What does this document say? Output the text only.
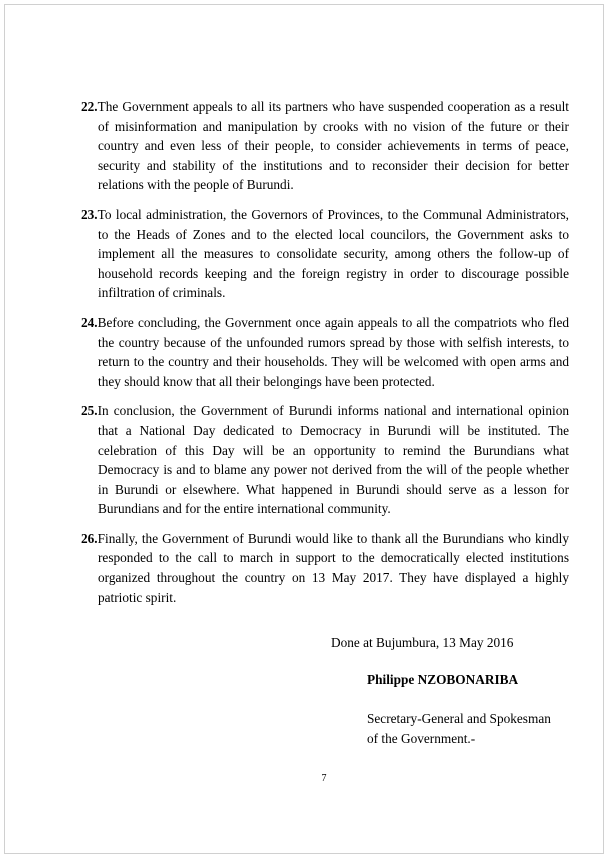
22.The Government appeals to all its partners who have suspended cooperation as a result of misinformation and manipulation by crooks with no vision of the future or their country and even less of their people, to consider achievements in terms of peace, security and stability of the institutions and to reconsider their decision for better relations with the people of Burundi.

23.To local administration, the Governors of Provinces, to the Communal Administrators, to the Heads of Zones and to the elected local councilors, the Government asks to implement all the measures to consolidate security, among others the follow-up of household records keeping and the foreign registry in order to discourage possible infiltration of criminals.

24.Before concluding, the Government once again appeals to all the compatriots who fled the country because of the unfounded rumors spread by those with selfish interests, to return to the country and their households. They will be welcomed with open arms and they should know that all their belongings have been protected.

25.In conclusion, the Government of Burundi informs national and international opinion that a National Day dedicated to Democracy in Burundi will be instituted. The celebration of this Day will be an opportunity to remind the Burundians what Democracy is and to blame any power not derived from the will of the people whether in Burundi or elsewhere. What happened in Burundi should serve as a lesson for Burundians and for the entire international community.

26.Finally, the Government of Burundi would like to thank all the Burundians who kindly responded to the call to march in support to the democratically elected institutions organized throughout the country on 13 May 2017. They have displayed a highly patriotic spirit.

Done at Bujumbura, 13 May 2016
Philippe NZOBONARIBA
Secretary-General and Spokesman
of the Government.-
7
